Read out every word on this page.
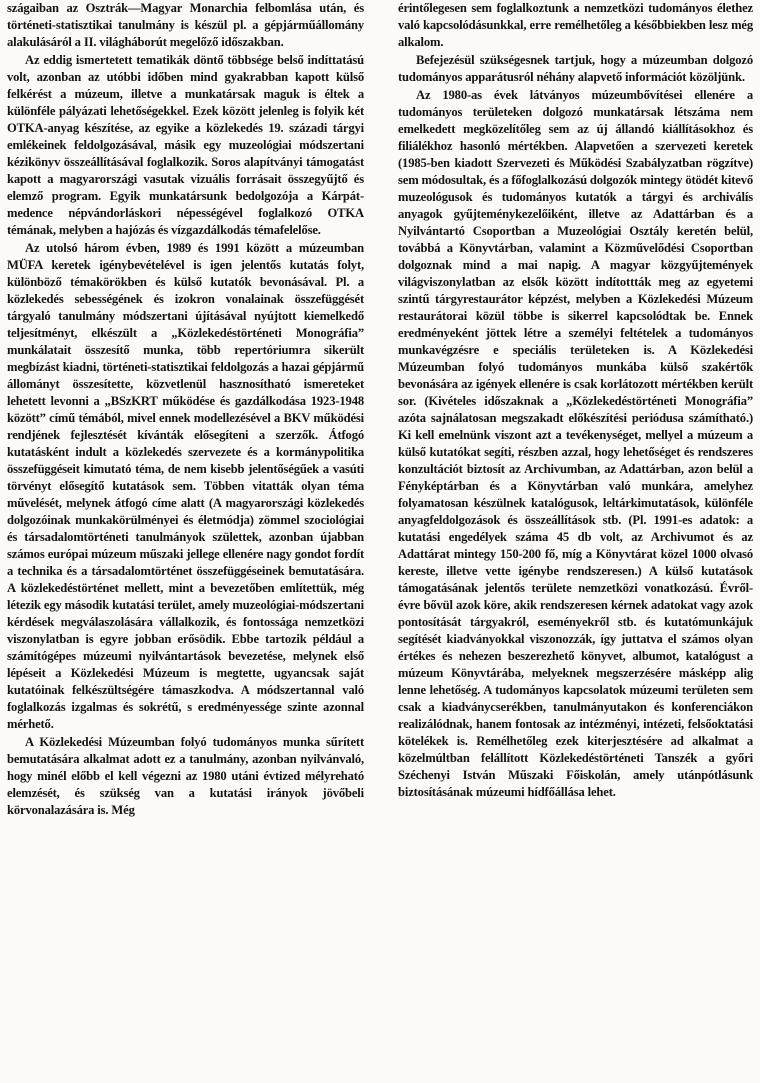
szágaiban az Osztrák—Magyar Monarchia felbomlása után, és történeti-statisztikai tanulmány is készül pl. a gépjárműállomány alakulásáról a II. világháborút megelőző időszakban.

Az eddig ismertetett tematikák döntő többsége belső indíttatású volt, azonban az utóbbi időben mind gyakrabban kapott külső felkérést a múzeum, illetve a munkatársak maguk is éltek a különféle pályázati lehetőségekkel. Ezek között jelenleg is folyik két OTKA-anyag készítése, az egyike a közlekedés 19. századi tárgyi emlékeinek feldolgozásával, másik egy muzeológiai módszertani kézikönyv összeállításával foglalkozik. Soros alapítványi támogatást kapott a magyarországi vasutak vizuális forrásait összegyűjtő és elemző program. Egyik munkatársunk bedolgozója a Kárpát-medence népvándorláskori népességével foglalkozó OTKA témának, melyben a hajózás és vízgazdálkodás témafelelőse.

Az utolsó három évben, 1989 és 1991 között a múzeumban MÜFA keretek igénybevételével is igen jelentős kutatás folyt, különböző témakörökben és külső kutatók bevonásával. Pl. a közlekedés sebességének és izokron vonalainak összefüggését tárgyaló tanulmány módszertani újításával nyújtott kiemelkedő teljesítményt, elkészült a „Közlekedéstörténeti Monográfia” munkálatait összesítő munka, több repertóriumra sikerült megbízást kiadni, történeti-statisztikai feldolgozás a hazai gépjármű állományt összesítette, közvetlenül hasznosítható ismereteket lehetett levonni a „BSzKRT működése és gazdálkodása 1923-1948 között” című témából, mivel ennek modellezésével a BKV működési rendjének fejlesztését kívánták elősegíteni a szerzők. Átfogó kutatásként indult a közlekedés szervezete és a kormánypolitika összefüggéseit kimutató téma, de nem kisebb jelentőségűek a vasúti törvényt elősegítő kutatások sem. Többen vitatták olyan téma művelését, melynek átfogó címe alatt (A magyarországi közlekedés dolgozóinak munkakörülményei és életmódja) zömmel szociológiai és társadalomtörténeti tanulmányok születtek, azonban újabban számos európai múzeum műszaki jellege ellenére nagy gondot fordít a technika és a társadalomtörténet összefüggéseinek bemutatására. A közlekedéstörténet mellett, mint a bevezetőben említettük, még létezik egy második kutatási terület, amely muzeológiai-módszertani kérdések megválaszolására vállalkozik, és fontossága nemzetközi viszonylatban is egyre jobban erősödik. Ebbe tartozik például a számítógépes múzeumi nyilvántartások bevezetése, melynek első lépéseit a Közlekedési Múzeum is megtette, ugyancsak saját kutatóinak felkészültségére támaszkodva. A módszertannal való foglalkozás izgalmas és sokrétű, s eredményessége szinte azonnal mérhető.

A Közlekedési Múzeumban folyó tudományos munka sűrített bemutatására alkalmat adott ez a tanulmány, azonban nyilvánvaló, hogy minél előbb el kell végezni az 1980 utáni évtized mélyreható elemzését, és szükség van a kutatási irányok jövőbeli körvonalazására is. Még

érintőlegesen sem foglalkoztunk a nemzetközi tudományos élethez való kapcsolódásunkkal, erre remélhetőleg a későbbiekben lesz még alkalom.

Befejezésül szükségesnek tartjuk, hogy a múzeumban dolgozó tudományos apparátusról néhány alapvető információt közöljünk.

Az 1980-as évek látványos múzeumbővítései ellenére a tudományos területeken dolgozó munkatársak létszáma nem emelkedett megközelítőleg sem az új állandó kiállításokhoz és filiálékhoz hasonló mértékben. Alapvetően a szervezeti keretek (1985-ben kiadott Szervezeti és Működési Szabályzatban rögzítve) sem módosultak, és a főfoglalkozású dolgozók mintegy ötödét kitevő muzeológusok és tudományos kutatók a tárgyi és archiválís anyagok gyűjteménykezelőiként, illetve az Adattárban és a Nyilvántartó Csoportban a Muzeológiai Osztály keretén belül, továbbá a Könyvtárban, valamint a Közművelődési Csoportban dolgoznak mind a mai napig. A magyar közgyűjtemények világviszonylatban az elsők között indítottták meg az egyetemi szintű tárgyrestaurátor képzést, melyben a Közlekedési Múzeum restaurátorai közül többe is sikerrel kapcsolódtak be. Ennek eredményeként jöttek létre a személyi feltételek a tudományos munkavégzésre e speciális területeken is. A Közlekedési Múzeumban folyó tudományos munkába külső szakértők bevonására az igények ellenére is csak korlátozott mértékben került sor. (Kivételes időszaknak a „Közlekedéstörténeti Monográfia” azóta sajnálatosan megszakadt előkészítési periódusa számítható.) Ki kell emelnünk viszont azt a tevékenységet, mellyel a múzeum a külső kutatókat segíti, részben azzal, hogy lehetőséget és rendszeres konzultációt biztosít az Archivumban, az Adattárban, azon belül a Fényképtárban és a Könyvtárban való munkára, amelyhez folyamatosan készülnek katalógusok, leltárkimutatások, különféle anyagfeldolgozások és összeállítások stb. (Pl. 1991-es adatok: a kutatási engedélyek száma 45 db volt, az Archivumot és az Adattárat mintegy 150-200 fő, míg a Könyvtárat közel 1000 olvasó kereste, illetve vette igénybe rendszeresen.) A külső kutatások támogatásának jelentős területe nemzetközi vonatkozású. Évről-évre bővül azok köre, akik rendszeresen kérnek adatokat vagy azok pontosítását tárgyakról, eseményekről stb. és kutatómunkájuk segítését kiadványokkal viszonozzák, így juttatva el számos olyan értékes és nehezen beszerezhető könyvet, albumot, katalógust a múzeum Könyvtárába, melyeknek megszerzésére másképp alig lenne lehetőség. A tudományos kapcsolatok múzeumi területen sem csak a kiadványcserékben, tanulmányutakon és konferenciákon realizálódnak, hanem fontosak az intézményi, intézeti, felsőoktatási kötelékek is. Remélhetőleg ezek kiterjesztésére ad alkalmat a közelmúltban felállított Közlekedéstörténeti Tanszék a győri Széchenyi István Műszaki Főiskolán, amely utánpótlásunk biztosításának múzeumi hídfőállása lehet.
